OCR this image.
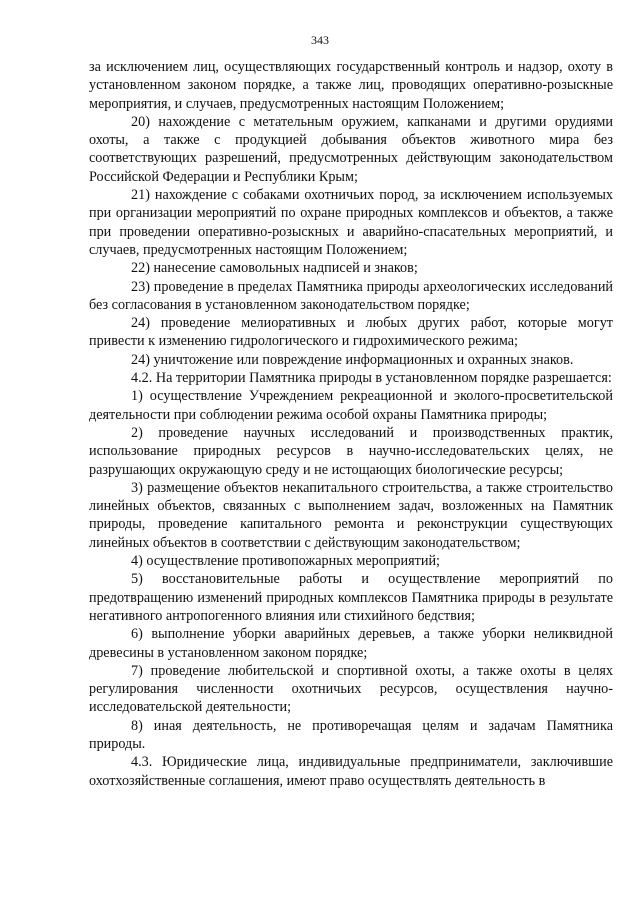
343

за исключением лиц, осуществляющих государственный контроль и надзор, охоту в установленном законом порядке, а также лиц, проводящих оперативно-розыскные мероприятия, и случаев, предусмотренных настоящим Положением;

20) нахождение с метательным оружием, капканами и другими орудиями охоты, а также с продукцией добывания объектов животного мира без соответствующих разрешений, предусмотренных действующим законодательством Российской Федерации и Республики Крым;

21) нахождение с собаками охотничьих пород, за исключением используемых при организации мероприятий по охране природных комплексов и объектов, а также при проведении оперативно-розыскных и аварийно-спасательных мероприятий, и случаев, предусмотренных настоящим Положением;

22) нанесение самовольных надписей и знаков;

23) проведение в пределах Памятника природы археологических исследований без согласования в установленном законодательством порядке;

24) проведение мелиоративных и любых других работ, которые могут привести к изменению гидрологического и гидрохимического режима;

24) уничтожение или повреждение информационных и охранных знаков.

4.2. На территории Памятника природы в установленном порядке разрешается:

1) осуществление Учреждением рекреационной и эколого-просветительской деятельности при соблюдении режима особой охраны Памятника природы;

2) проведение научных исследований и производственных практик, использование природных ресурсов в научно-исследовательских целях, не разрушающих окружающую среду и не истощающих биологические ресурсы;

3) размещение объектов некапитального строительства, а также строительство линейных объектов, связанных с выполнением задач, возложенных на Памятник природы, проведение капитального ремонта и реконструкции существующих линейных объектов в соответствии с действующим законодательством;

4) осуществление противопожарных мероприятий;

5) восстановительные работы и осуществление мероприятий по предотвращению изменений природных комплексов Памятника природы в результате негативного антропогенного влияния или стихийного бедствия;

6) выполнение уборки аварийных деревьев, а также уборки неликвидной древесины в установленном законом порядке;

7) проведение любительской и спортивной охоты, а также охоты в целях регулирования численности охотничьих ресурсов, осуществления научно-исследовательской деятельности;

8) иная деятельность, не противоречащая целям и задачам Памятника природы.

4.3. Юридические лица, индивидуальные предприниматели, заключившие охотхозяйственные соглашения, имеют право осуществлять деятельность в
